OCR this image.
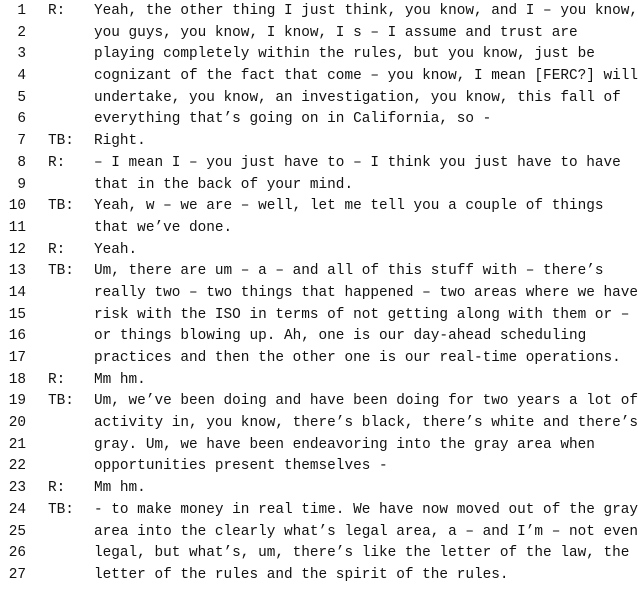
1 R:	Yeah, the other thing I just think, you know, and I – you know,
2	you guys, you know, I know, I s – I assume and trust are
3	playing completely within the rules, but you know, just be
4	cognizant of the fact that come – you know, I mean [FERC?] will
5	undertake, you know, an investigation, you know, this fall of
6	everything that’s going on in California, so -
7 TB:	Right.
8 R:	– I mean I – you just have to – I think you just have to have
9	that in the back of your mind.
10 TB:	Yeah, w – we are – well, let me tell you a couple of things
11	that we’ve done.
12 R:	Yeah.
13 TB:	Um, there are um – a – and all of this stuff with – there’s
14	really two – two things that happened – two areas where we have
15	risk with the ISO in terms of not getting along with them or –
16	or things blowing up. Ah, one is our day-ahead scheduling
17	practices and then the other one is our real-time operations.
18 R:	Mm hm.
19 TB:	Um, we’ve been doing and have been doing for two years a lot of
20	activity in, you know, there’s black, there’s white and there’s
21	gray. Um, we have been endeavoring into the gray area when
22	opportunities present themselves -
23 R:	Mm hm.
24 TB:	- to make money in real time. We have now moved out of the gray
25	area into the clearly what’s legal area, a – and I’m – not even
26	legal, but what’s, um, there’s like the letter of the law, the
27	letter of the rules and the spirit of the rules.
